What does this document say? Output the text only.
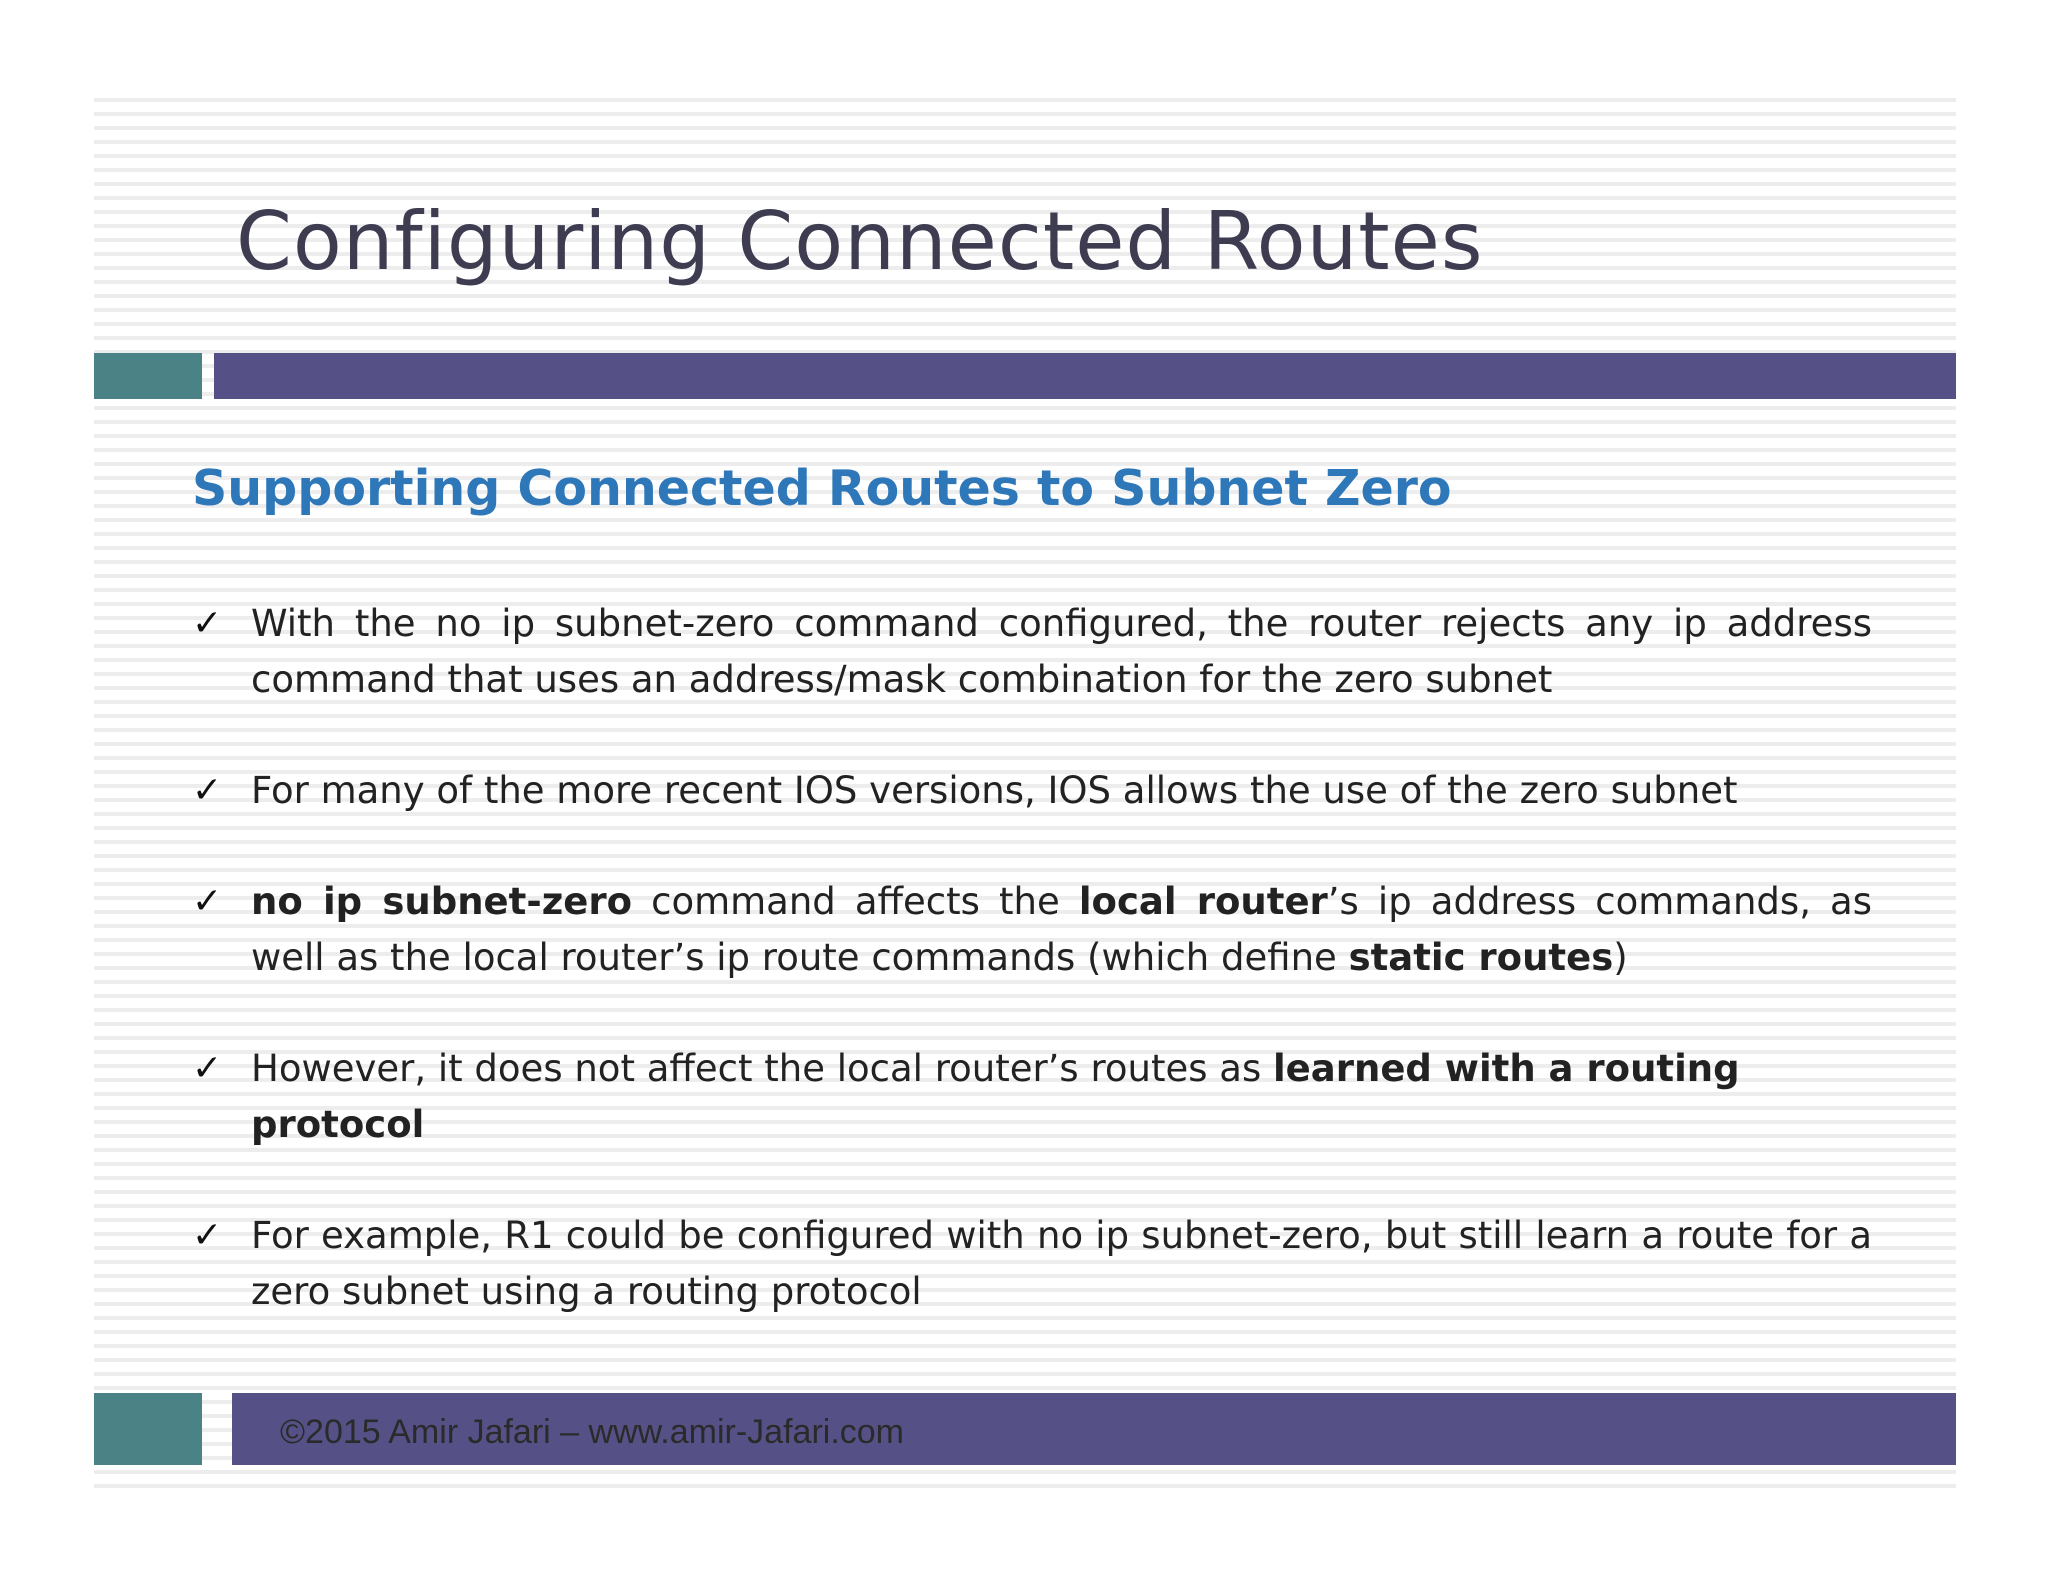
Configuring Connected Routes
Supporting Connected Routes to Subnet Zero
✓ With the no ip subnet-zero command configured, the router rejects any ip address command that uses an address/mask combination for the zero subnet
✓ For many of the more recent IOS versions, IOS allows the use of the zero subnet
✓ no ip subnet-zero command affects the local router’s ip address commands, as well as the local router’s ip route commands (which define static routes)
✓ However, it does not affect the local router’s routes as learned with a routing protocol
✓ For example, R1 could be configured with no ip subnet-zero, but still learn a route for a zero subnet using a routing protocol
©2015 Amir Jafari – www.amir-Jafari.com
